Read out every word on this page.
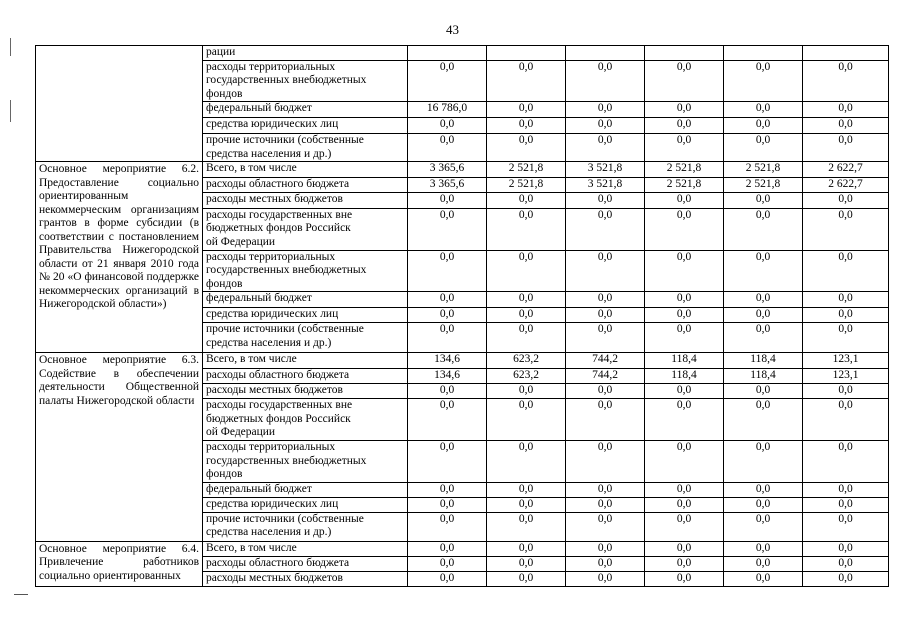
43
	рации						
	расходы территориальных
государственных внебюджетных фондов	0,0	0,0	0,0	0,0	0,0	0,0
	федеральный бюджет	16 786,0	0,0	0,0	0,0	0,0	0,0
	средства юридических лиц	0,0	0,0	0,0	0,0	0,0	0,0
	прочие источники (собственные
средства населения и др.)	0,0	0,0	0,0	0,0	0,0	0,0
Основное мероприятие 6.2. Предоставление социально ориентированным некоммерческим организациям грантов в форме субсидии (в соответствии с постановлением Правительства Нижегородской области от 21 января 2010 года № 20 «О финансовой поддержке некоммерческих организаций в Нижегородской области»)	Всего, в том числе	3 365,6	2 521,8	3 521,8	2 521,8	2 521,8	2 622,7
	расходы областного бюджета	3 365,6	2 521,8	3 521,8	2 521,8	2 521,8	2 622,7
	расходы местных бюджетов	0,0	0,0	0,0	0,0	0,0	0,0
	расходы государственных вне
бюджетных фондов Российск
ой Федерации	0,0	0,0	0,0	0,0	0,0	0,0
	расходы территориальных
государственных внебюджетных фондов	0,0	0,0	0,0	0,0	0,0	0,0
	федеральный бюджет	0,0	0,0	0,0	0,0	0,0	0,0
	средства юридических лиц	0,0	0,0	0,0	0,0	0,0	0,0
	прочие источники (собственные
средства населения и др.)	0,0	0,0	0,0	0,0	0,0	0,0
Основное мероприятие 6.3. Содействие в обеспечении деятельности Общественной палаты Нижегородской области	Всего, в том числе	134,6	623,2	744,2	118,4	118,4	123,1
	расходы областного бюджета	134,6	623,2	744,2	118,4	118,4	123,1
	расходы местных бюджетов	0,0	0,0	0,0	0,0	0,0	0,0
	расходы государственных вне
бюджетных фондов Российск
ой Федерации	0,0	0,0	0,0	0,0	0,0	0,0
	расходы территориальных
государственных внебюджетных фондов	0,0	0,0	0,0	0,0	0,0	0,0
	федеральный бюджет	0,0	0,0	0,0	0,0	0,0	0,0
	средства юридических лиц	0,0	0,0	0,0	0,0	0,0	0,0
	прочие источники (собственные
средства населения и др.)	0,0	0,0	0,0	0,0	0,0	0,0
Основное мероприятие 6.4. Привлечение работников социально ориентированных	Всего, в том числе	0,0	0,0	0,0	0,0	0,0	0,0
	расходы областного бюджета	0,0	0,0	0,0	0,0	0,0	0,0
	расходы местных бюджетов	0,0	0,0	0,0	0,0	0,0	0,0
